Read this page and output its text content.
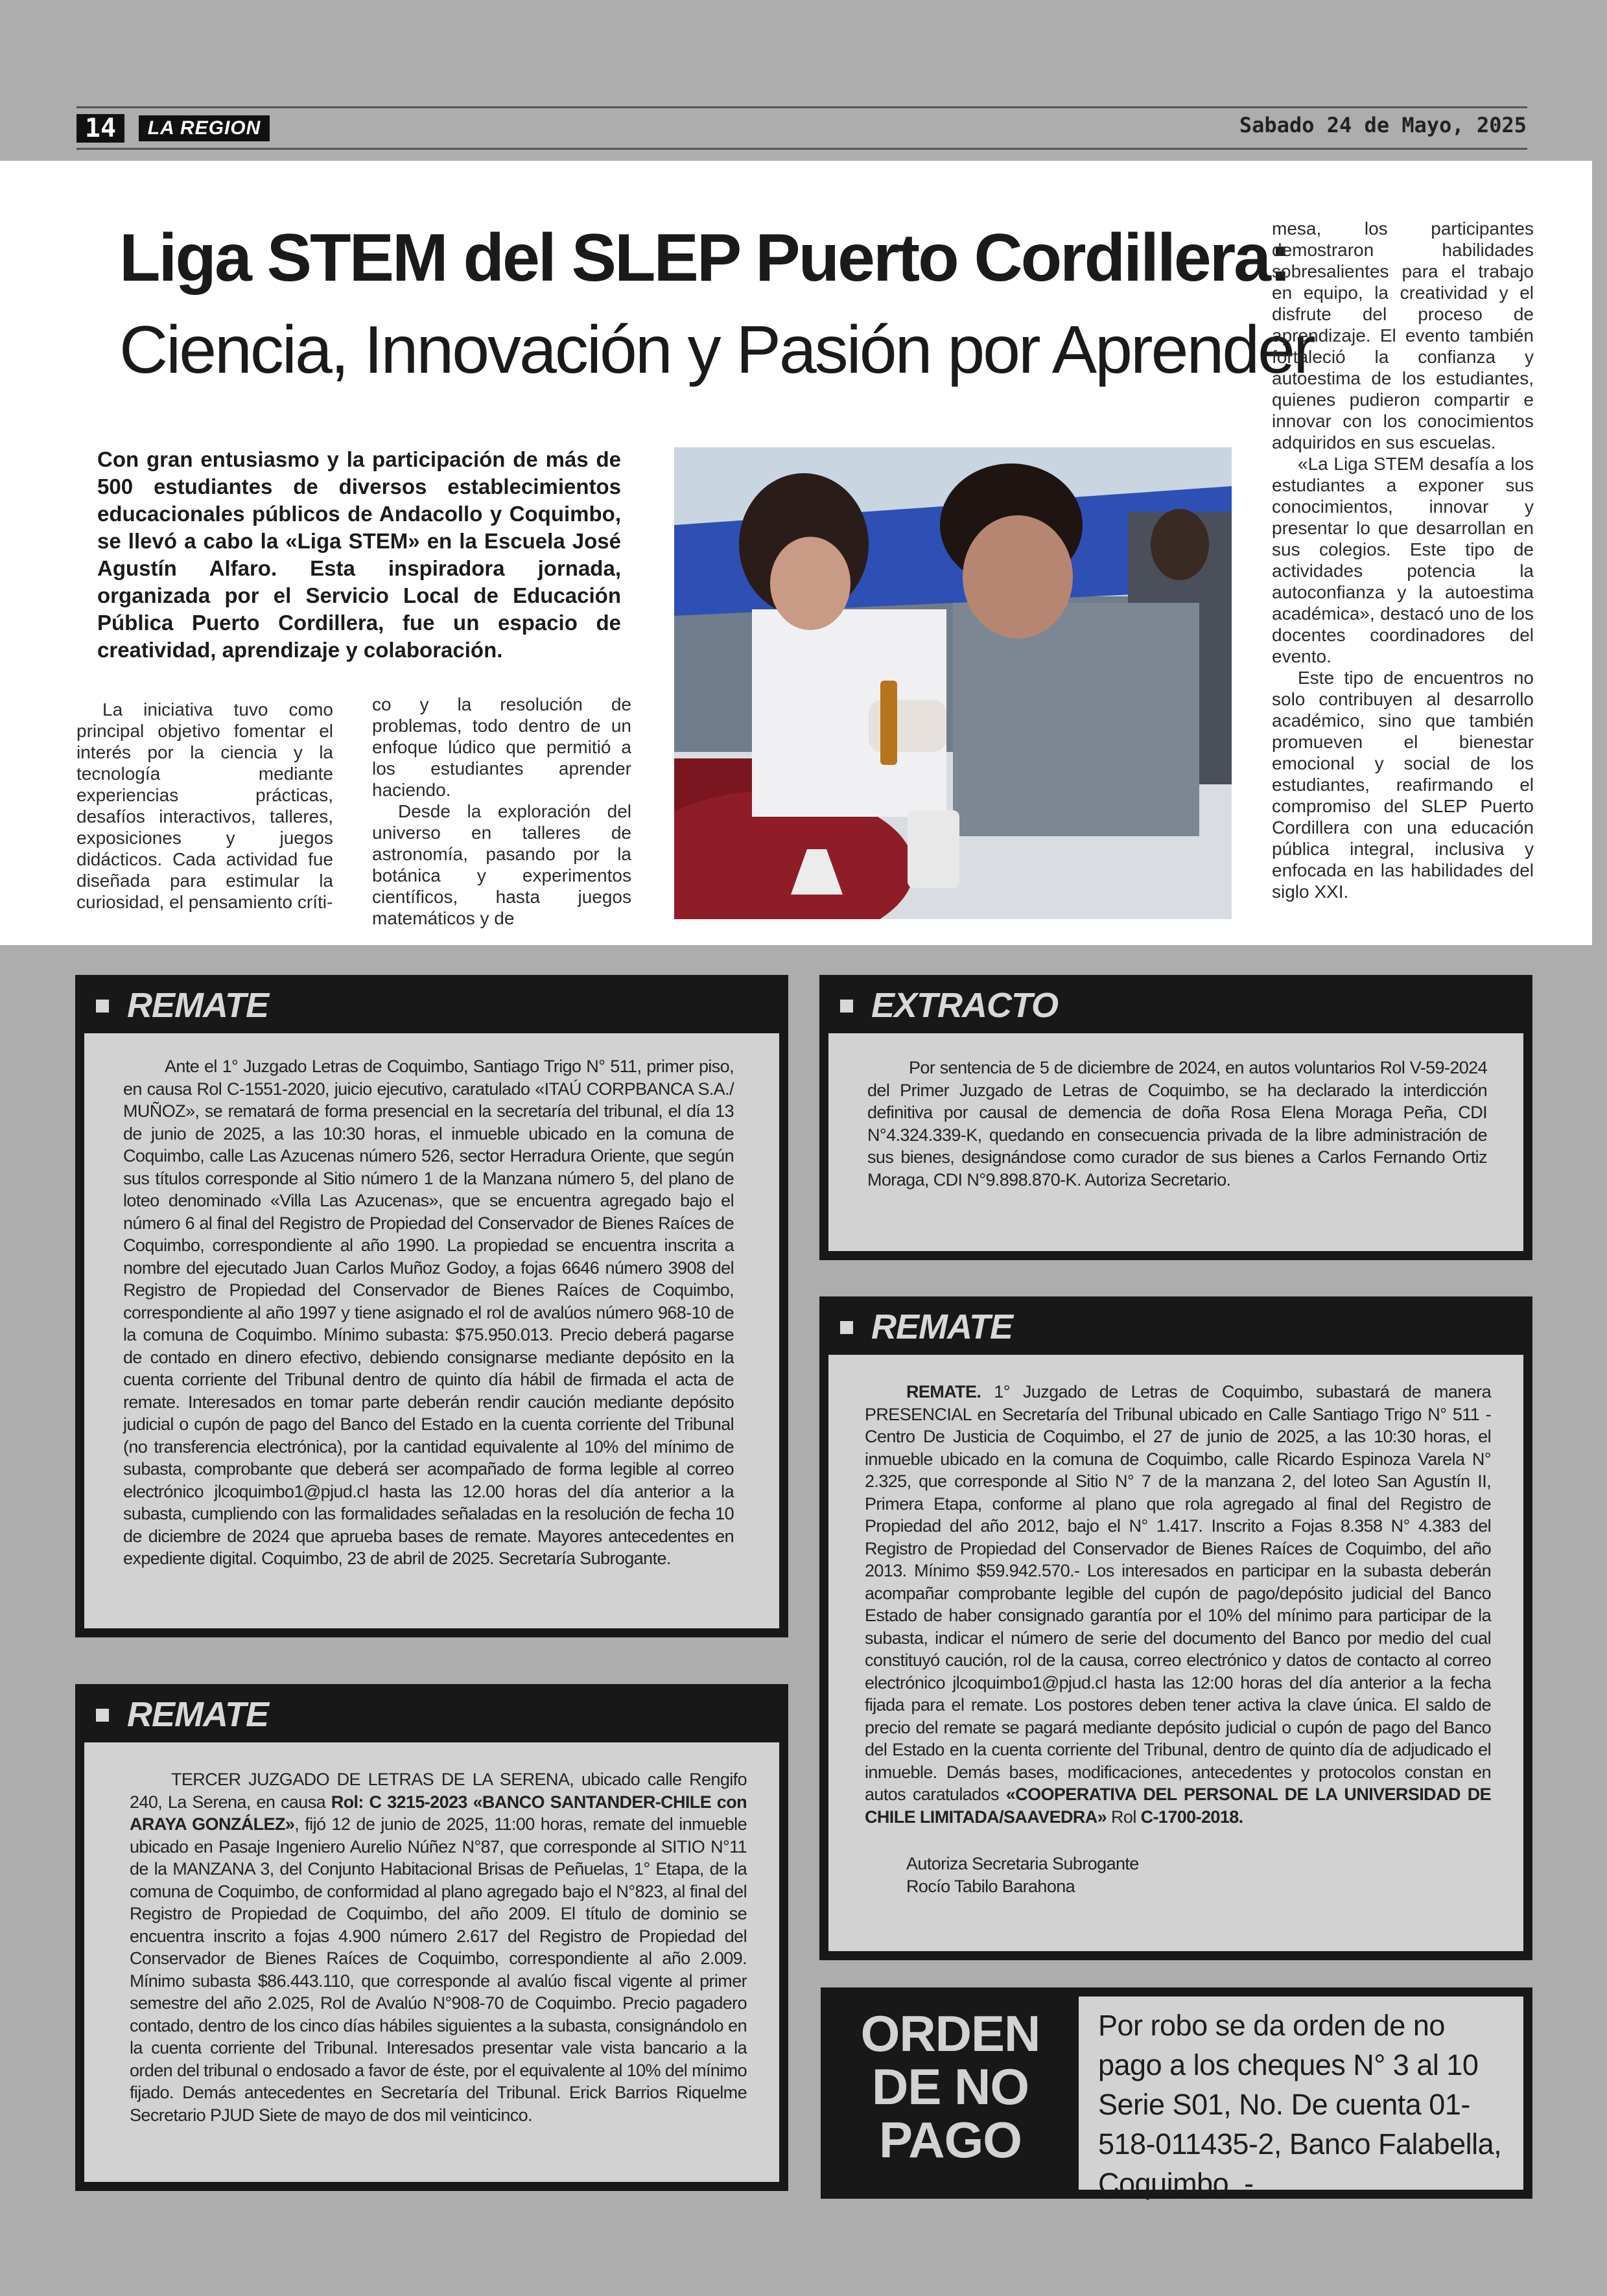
14	LA REGION	Sabado 24 de Mayo, 2025
Liga STEM del SLEP Puerto Cordillera:
Ciencia, Innovación y Pasión por Aprender
Con gran entusiasmo y la participación de más de 500 estudiantes de diversos establecimientos educacionales públicos de Andacollo y Coquimbo, se llevó a cabo la «Liga STEM» en la Escuela José Agustín Alfaro. Esta inspiradora jornada, organizada por el Servicio Local de Educación Pública Puerto Cordillera, fue un espacio de creatividad, aprendizaje y colaboración.

La iniciativa tuvo como principal objetivo fomentar el interés por la ciencia y la tecnología mediante experiencias prácticas, desafíos interactivos, talleres, exposiciones y juegos didácticos. Cada actividad fue diseñada para estimular la curiosidad, el pensamiento críti-

co y la resolución de problemas, todo dentro de un enfoque lúdico que permitió a los estudiantes aprender haciendo.

Desde la exploración del universo en talleres de astronomía, pasando por la botánica y experimentos científicos, hasta juegos matemáticos y de

mesa, los participantes demostraron habilidades sobresalientes para el trabajo en equipo, la creatividad y el disfrute del proceso de aprendizaje. El evento también fortaleció la confianza y autoestima de los estudiantes, quienes pudieron compartir e innovar con los conocimientos adquiridos en sus escuelas.

«La Liga STEM desafía a los estudiantes a exponer sus conocimientos, innovar y presentar lo que desarrollan en sus colegios. Este tipo de actividades potencia la autoconfianza y la autoestima académica», destacó uno de los docentes coordinadores del evento.

Este tipo de encuentros no solo contribuyen al desarrollo académico, sino que también promueven el bienestar emocional y social de los estudiantes, reafirmando el compromiso del SLEP Puerto Cordillera con una educación pública integral, inclusiva y enfocada en las habilidades del siglo XXI.

REMATE

Ante el 1° Juzgado Letras de Coquimbo, Santiago Trigo N° 511, primer piso, en causa Rol C-1551-2020, juicio ejecutivo, caratulado «ITAÚ CORPBANCA S.A./ MUÑOZ», se rematará de forma presencial en la secretaría del tribunal, el día 13 de junio de 2025, a las 10:30 horas, el inmueble ubicado en la comuna de Coquimbo, calle Las Azucenas número 526, sector Herradura Oriente, que según sus títulos corresponde al Sitio número 1 de la Manzana número 5, del plano de loteo denominado «Villa Las Azucenas», que se encuentra agregado bajo el número 6 al final del Registro de Propiedad del Conservador de Bienes Raíces de Coquimbo, correspondiente al año 1990. La propiedad se encuentra inscrita a nombre del ejecutado Juan Carlos Muñoz Godoy, a fojas 6646 número 3908 del Registro de Propiedad del Conservador de Bienes Raíces de Coquimbo, correspondiente al año 1997 y tiene asignado el rol de avalúos número 968-10 de la comuna de Coquimbo. Mínimo subasta: $75.950.013. Precio deberá pagarse de contado en dinero efectivo, debiendo consignarse mediante depósito en la cuenta corriente del Tribunal dentro de quinto día hábil de firmada el acta de remate. Interesados en tomar parte deberán rendir caución mediante depósito judicial o cupón de pago del Banco del Estado en la cuenta corriente del Tribunal (no transferencia electrónica), por la cantidad equivalente al 10% del mínimo de subasta, comprobante que deberá ser acompañado de forma legible al correo electrónico jlcoquimbo1@pjud.cl hasta las 12.00 horas del día anterior a la subasta, cumpliendo con las formalidades señaladas en la resolución de fecha 10 de diciembre de 2024 que aprueba bases de remate. Mayores antecedentes en expediente digital. Coquimbo, 23 de abril de 2025. Secretaría Subrogante.

REMATE

TERCER JUZGADO DE LETRAS DE LA SERENA, ubicado calle Rengifo 240, La Serena, en causa Rol: C 3215-2023 «BANCO SANTANDER-CHILE con ARAYA GONZÁLEZ», fijó 12 de junio de 2025, 11:00 horas, remate del inmueble ubicado en Pasaje Ingeniero Aurelio Núñez N°87, que corresponde al SITIO N°11 de la MANZANA 3, del Conjunto Habitacional Brisas de Peñuelas, 1° Etapa, de la comuna de Coquimbo, de conformidad al plano agregado bajo el N°823, al final del Registro de Propiedad de Coquimbo, del año 2009. El título de dominio se encuentra inscrito a fojas 4.900 número 2.617 del Registro de Propiedad del Conservador de Bienes Raíces de Coquimbo, correspondiente al año 2.009. Mínimo subasta $86.443.110, que corresponde al avalúo fiscal vigente al primer semestre del año 2.025, Rol de Avalúo N°908-70 de Coquimbo. Precio pagadero contado, dentro de los cinco días hábiles siguientes a la subasta, consignándolo en la cuenta corriente del Tribunal. Interesados presentar vale vista bancario a la orden del tribunal o endosado a favor de éste, por el equivalente al 10% del mínimo fijado. Demás antecedentes en Secretaría del Tribunal. Erick Barrios Riquelme Secretario PJUD Siete de mayo de dos mil veinticinco.

EXTRACTO

Por sentencia de 5 de diciembre de 2024, en autos voluntarios Rol V-59-2024 del Primer Juzgado de Letras de Coquimbo, se ha declarado la interdicción definitiva por causal de demencia de doña Rosa Elena Moraga Peña, CDI N°4.324.339-K, quedando en consecuencia privada de la libre administración de sus bienes, designándose como curador de sus bienes a Carlos Fernando Ortiz Moraga, CDI N°9.898.870-K. Autoriza Secretario.

REMATE

REMATE. 1° Juzgado de Letras de Coquimbo, subastará de manera PRESENCIAL en Secretaría del Tribunal ubicado en Calle Santiago Trigo N° 511 - Centro De Justicia de Coquimbo, el 27 de junio de 2025, a las 10:30 horas, el inmueble ubicado en la comuna de Coquimbo, calle Ricardo Espinoza Varela N° 2.325, que corresponde al Sitio N° 7 de la manzana 2, del loteo San Agustín II, Primera Etapa, conforme al plano que rola agregado al final del Registro de Propiedad del año 2012, bajo el N° 1.417. Inscrito a Fojas 8.358 N° 4.383 del Registro de Propiedad del Conservador de Bienes Raíces de Coquimbo, del año 2013. Mínimo $59.942.570.- Los interesados en participar en la subasta deberán acompañar comprobante legible del cupón de pago/depósito judicial del Banco Estado de haber consignado garantía por el 10% del mínimo para participar de la subasta, indicar el número de serie del documento del Banco por medio del cual constituyó caución, rol de la causa, correo electrónico y datos de contacto al correo electrónico jlcoquimbo1@pjud.cl hasta las 12:00 horas del día anterior a la fecha fijada para el remate. Los postores deben tener activa la clave única. El saldo de precio del remate se pagará mediante depósito judicial o cupón de pago del Banco del Estado en la cuenta corriente del Tribunal, dentro de quinto día de adjudicado el inmueble. Demás bases, modificaciones, antecedentes y protocolos constan en autos caratulados «COOPERATIVA DEL PERSONAL DE LA UNIVERSIDAD DE CHILE LIMITADA/SAAVEDRA» Rol C-1700-2018.

Autoriza Secretaria Subrogante
Rocío Tabilo Barahona
ORDEN
DE NO
PAGO
Por robo se da orden de no pago a los cheques N° 3 al 10 Serie S01, No. De cuenta 01-518-011435-2, Banco Falabella, Coquimbo. -
